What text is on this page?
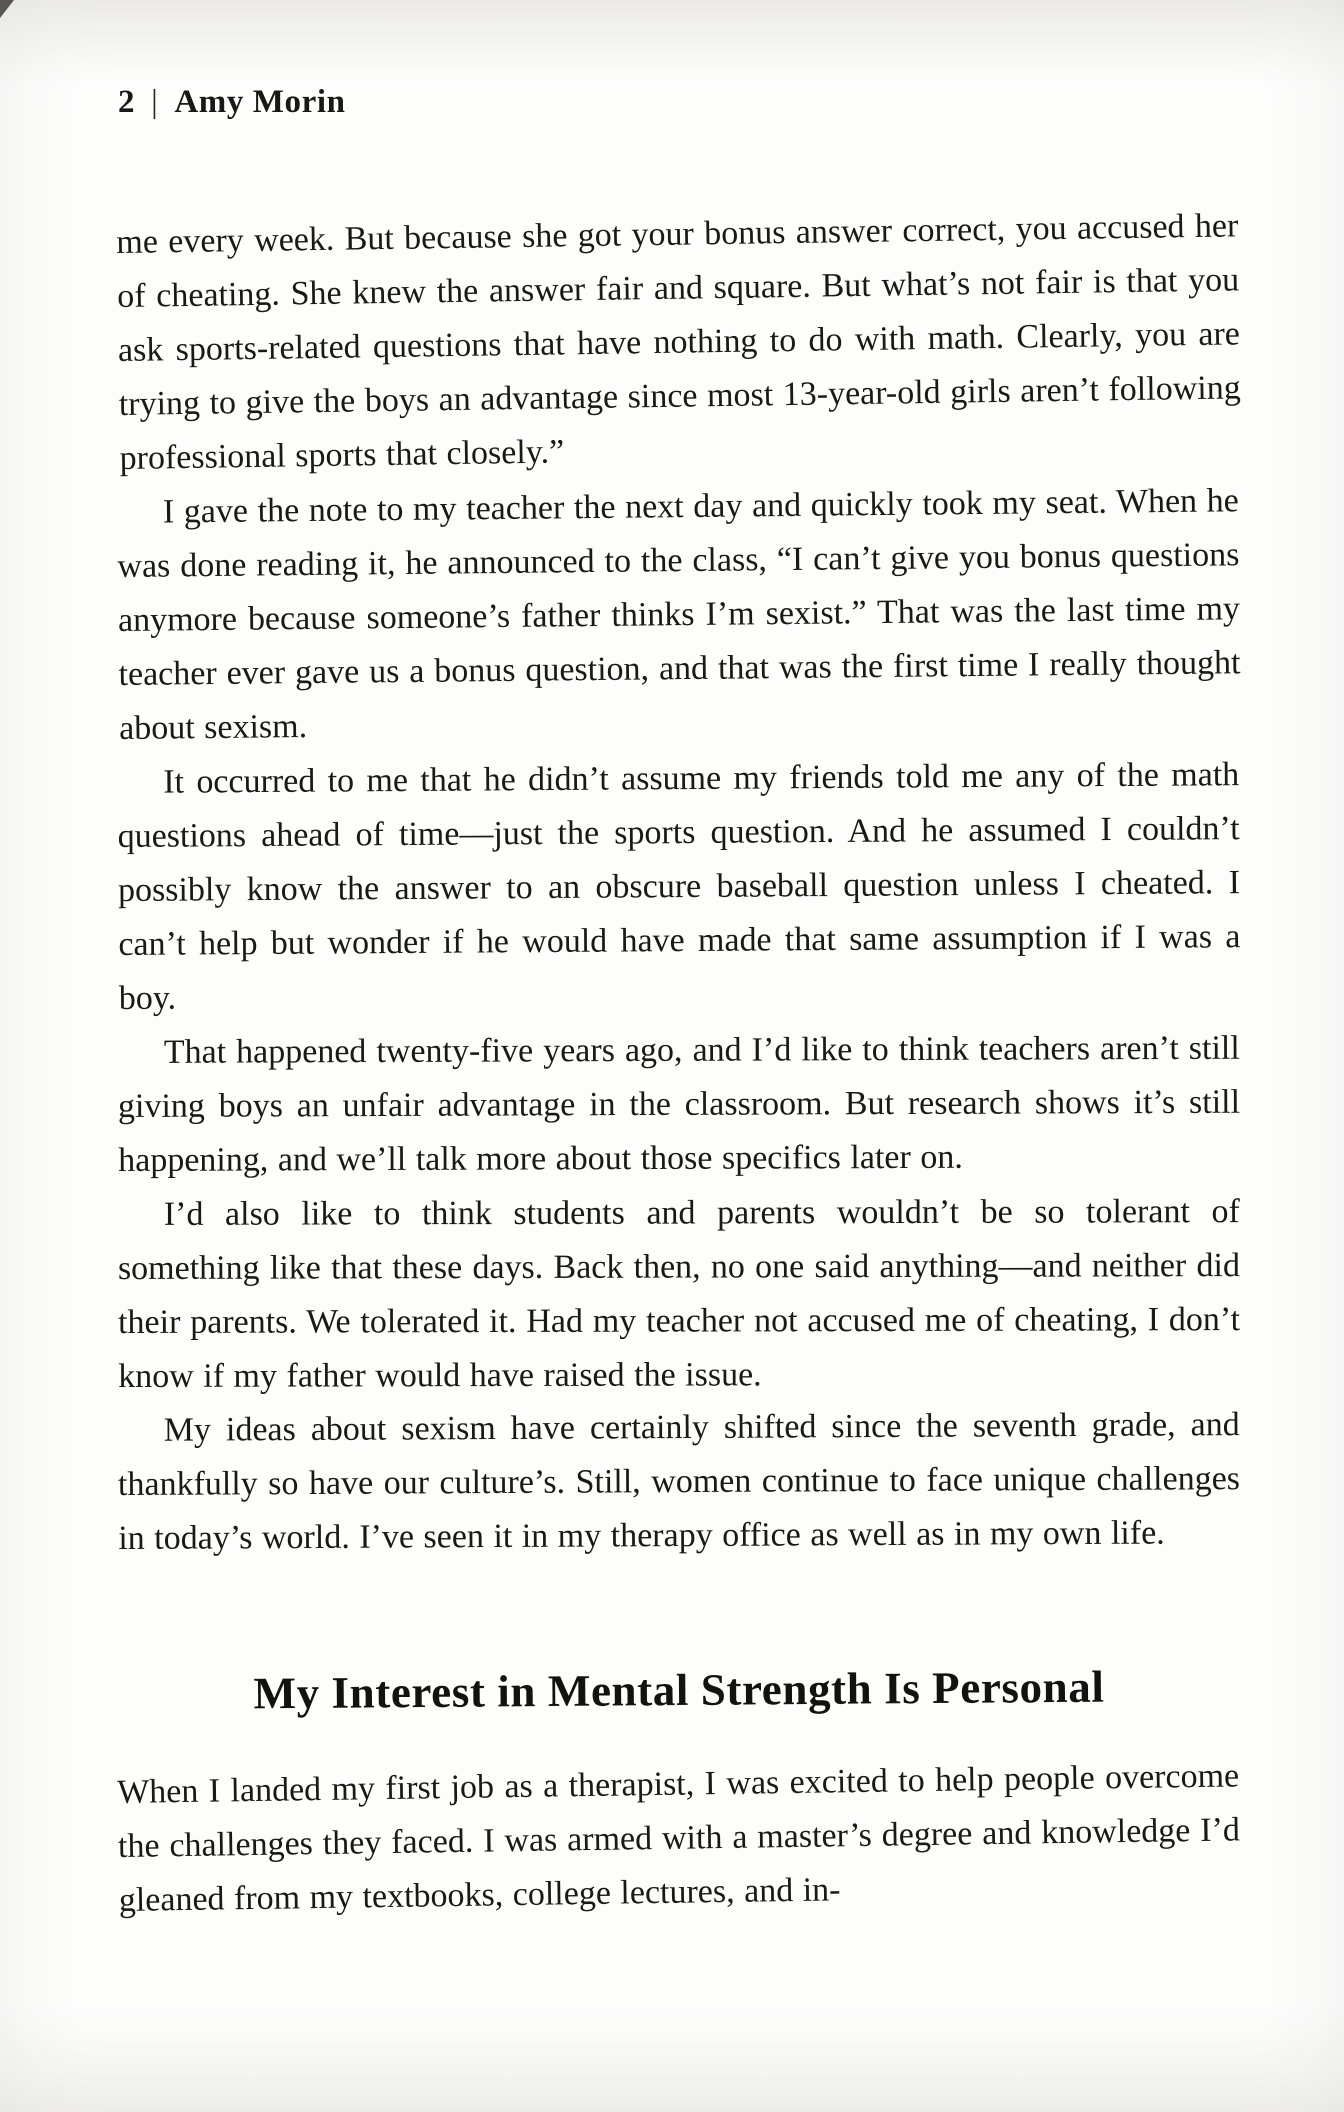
2 | Amy Morin

me every week. But because she got your bonus answer correct, you accused her of cheating. She knew the answer fair and square. But what’s not fair is that you ask sports-related questions that have nothing to do with math. Clearly, you are trying to give the boys an advantage since most 13-year-old girls aren’t following professional sports that closely.”

I gave the note to my teacher the next day and quickly took my seat. When he was done reading it, he announced to the class, “I can’t give you bonus questions anymore because someone’s father thinks I’m sexist.” That was the last time my teacher ever gave us a bonus question, and that was the first time I really thought about sexism.

It occurred to me that he didn’t assume my friends told me any of the math questions ahead of time—just the sports question. And he assumed I couldn’t possibly know the answer to an obscure baseball question unless I cheated. I can’t help but wonder if he would have made that same assumption if I was a boy.

That happened twenty-five years ago, and I’d like to think teachers aren’t still giving boys an unfair advantage in the classroom. But research shows it’s still happening, and we’ll talk more about those specifics later on.

I’d also like to think students and parents wouldn’t be so tolerant of something like that these days. Back then, no one said anything—and neither did their parents. We tolerated it. Had my teacher not accused me of cheating, I don’t know if my father would have raised the issue.

My ideas about sexism have certainly shifted since the seventh grade, and thankfully so have our culture’s. Still, women continue to face unique challenges in today’s world. I’ve seen it in my therapy office as well as in my own life.

My Interest in Mental Strength Is Personal

When I landed my first job as a therapist, I was excited to help people overcome the challenges they faced. I was armed with a master’s degree and knowledge I’d gleaned from my textbooks, college lectures, and in-
